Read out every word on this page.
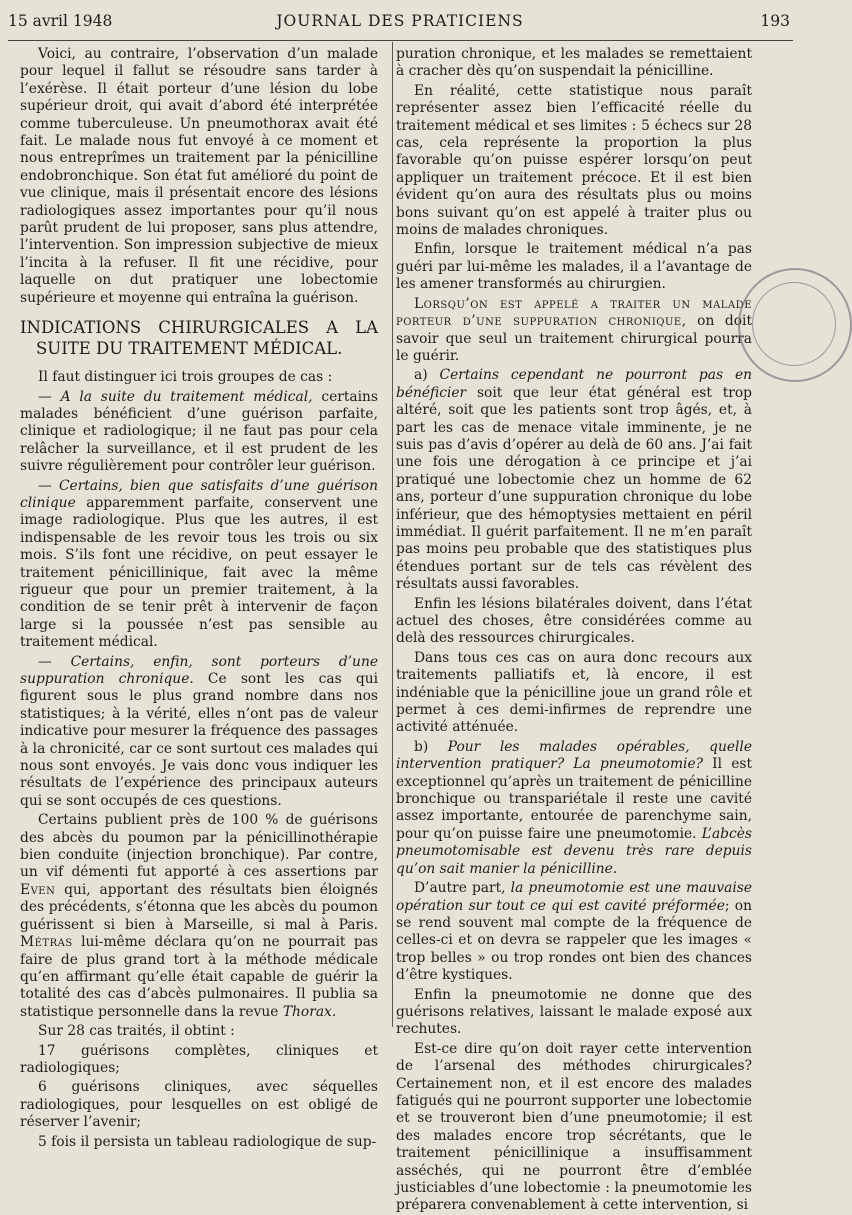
15 avril 1948	JOURNAL DES PRATICIENS	193

Voici, au contraire, l’observation d’un malade pour lequel il fallut se résoudre sans tarder à l’exérèse. Il était porteur d’une lésion du lobe supérieur droit, qui avait d’abord été interprétée comme tuberculeuse. Un pneumothorax avait été fait. Le malade nous fut envoyé à ce moment et nous entreprîmes un traitement par la pénicilline endobronchique. Son état fut amélioré du point de vue clinique, mais il présentait encore des lésions radiologiques assez importantes pour qu’il nous parût prudent de lui proposer, sans plus attendre, l’intervention. Son impression subjective de mieux l’incita à la refuser. Il fit une récidive, pour laquelle on dut pratiquer une lobectomie supérieure et moyenne qui entraîna la guérison.

INDICATIONS CHIRURGICALES A LA SUITE DU TRAITEMENT MÉDICAL.

Il faut distinguer ici trois groupes de cas :

— A la suite du traitement médical, certains malades bénéficient d’une guérison parfaite, clinique et radiologique; il ne faut pas pour cela relâcher la surveillance, et il est prudent de les suivre régulièrement pour contrôler leur guérison.

— Certains, bien que satisfaits d’une guérison clinique apparemment parfaite, conservent une image radiologique. Plus que les autres, il est indispensable de les revoir tous les trois ou six mois. S’ils font une récidive, on peut essayer le traitement pénicillinique, fait avec la même rigueur que pour un premier traitement, à la condition de se tenir prêt à intervenir de façon large si la poussée n’est pas sensible au traitement médical.

— Certains, enfin, sont porteurs d’une suppuration chronique. Ce sont les cas qui figurent sous le plus grand nombre dans nos statistiques; à la vérité, elles n’ont pas de valeur indicative pour mesurer la fréquence des passages à la chronicité, car ce sont surtout ces malades qui nous sont envoyés. Je vais donc vous indiquer les résultats de l’expérience des principaux auteurs qui se sont occupés de ces questions.

Certains publient près de 100 % de guérisons des abcès du poumon par la pénicillinothérapie bien conduite (injection bronchique). Par contre, un vif démenti fut apporté à ces assertions par Even qui, apportant des résultats bien éloignés des précédents, s’étonna que les abcès du poumon guérissent si bien à Marseille, si mal à Paris. Métras lui-même déclara qu’on ne pourrait pas faire de plus grand tort à la méthode médicale qu’en affirmant qu’elle était capable de guérir la totalité des cas d’abcès pulmonaires. Il publia sa statistique personnelle dans la revue Thorax.

Sur 28 cas traités, il obtint :

17 guérisons complètes, cliniques et radiologiques;

6 guérisons cliniques, avec séquelles radiologiques, pour lesquelles on est obligé de réserver l’avenir;

5 fois il persista un tableau radiologique de sup-

puration chronique, et les malades se remettaient à cracher dès qu’on suspendait la pénicilline.

En réalité, cette statistique nous paraît représenter assez bien l’efficacité réelle du traitement médical et ses limites : 5 échecs sur 28 cas, cela représente la proportion la plus favorable qu’on puisse espérer lorsqu’on peut appliquer un traitement précoce. Et il est bien évident qu’on aura des résultats plus ou moins bons suivant qu’on est appelé à traiter plus ou moins de malades chroniques.

Enfin, lorsque le traitement médical n’a pas guéri par lui-même les malades, il a l’avantage de les amener transformés au chirurgien.

Lorsqu’on est appelé a traiter un malade porteur d’une suppuration chronique, on doit savoir que seul un traitement chirurgical pourra le guérir.

a) Certains cependant ne pourront pas en bénéficier soit que leur état général est trop altéré, soit que les patients sont trop âgés, et, à part les cas de menace vitale imminente, je ne suis pas d’avis d’opérer au delà de 60 ans. J’ai fait une fois une dérogation à ce principe et j’ai pratiqué une lobectomie chez un homme de 62 ans, porteur d’une suppuration chronique du lobe inférieur, que des hémoptysies mettaient en péril immédiat. Il guérit parfaitement. Il ne m’en paraît pas moins peu probable que des statistiques plus étendues portant sur de tels cas révèlent des résultats aussi favorables.

Enfin les lésions bilatérales doivent, dans l’état actuel des choses, être considérées comme au delà des ressources chirurgicales.

Dans tous ces cas on aura donc recours aux traitements palliatifs et, là encore, il est indéniable que la pénicilline joue un grand rôle et permet à ces demi-infirmes de reprendre une activité atténuée.

b) Pour les malades opérables, quelle intervention pratiquer? La pneumotomie? Il est exceptionnel qu’après un traitement de pénicilline bronchique ou transpariétale il reste une cavité assez importante, entourée de parenchyme sain, pour qu’on puisse faire une pneumotomie. L’abcès pneumotomisable est devenu très rare depuis qu’on sait manier la pénicilline.

D’autre part, la pneumotomie est une mauvaise opération sur tout ce qui est cavité préformée; on se rend souvent mal compte de la fréquence de celles-ci et on devra se rappeler que les images « trop belles » ou trop rondes ont bien des chances d’être kystiques.

Enfin la pneumotomie ne donne que des guérisons relatives, laissant le malade exposé aux rechutes.

Est-ce dire qu’on doit rayer cette intervention de l’arsenal des méthodes chirurgicales? Certainement non, et il est encore des malades fatigués qui ne pourront supporter une lobectomie et se trouveront bien d’une pneumotomie; il est des malades encore trop sécrétants, que le traitement pénicillinique a insuffisamment asséchés, qui ne pourront être d’emblée justiciables d’une lobectomie : la pneumotomie les préparera convenablement à cette intervention, si
